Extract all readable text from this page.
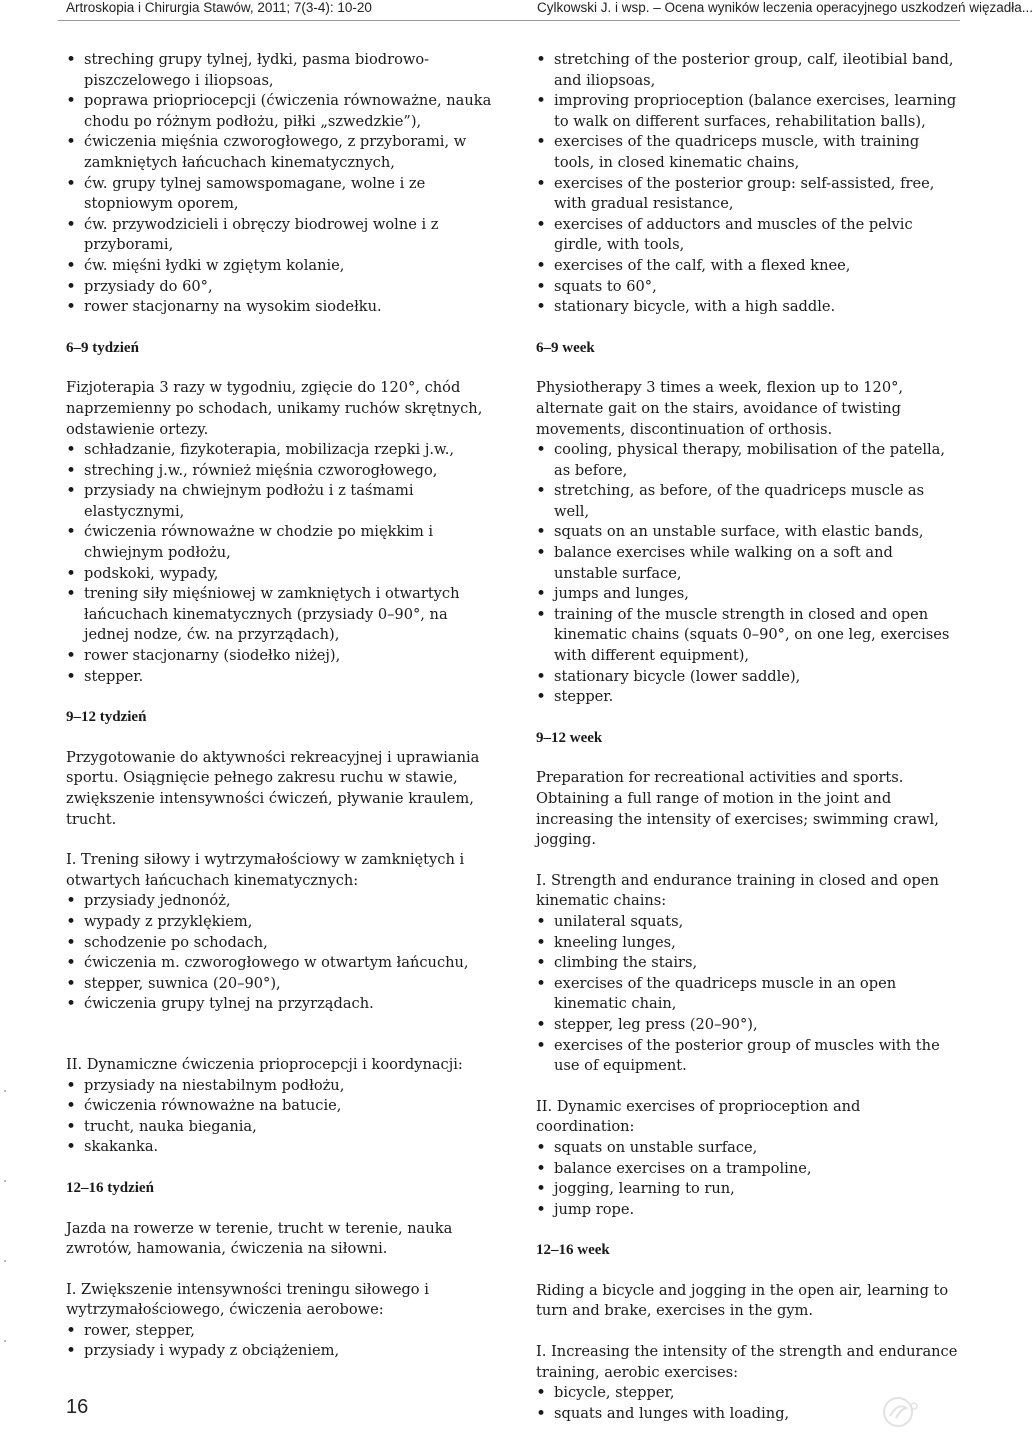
Artroskopia i Chirurgia Stawów, 2011; 7(3-4): 10-20	Cylkowski J. i wsp. – Ocena wyników leczenia operacyjnego uszkodzeń więzadła...
• streching grupy tylnej, łydki, pasma biodrowo-piszczelowego i iliopsoas,
• poprawa priopriocepcji (ćwiczenia równoważne, nauka chodu po różnym podłożu, piłki „szwedzkie”),
• ćwiczenia mięśnia czworogłowego, z przyborami, w zamkniętych łańcuchach kinematycznych,
• ćw. grupy tylnej samowspomagane, wolne i ze stopniowym oporem,
• ćw. przywodzicieli i obręczy biodrowej wolne i z przyborami,
• ćw. mięśni łydki w zgiętym kolanie,
• przysiady do 60°,
• rower stacjonarny na wysokim siodełku.
6–9 tydzień

Fizjoterapia 3 razy w tygodniu, zgięcie do 120°, chód naprzemienny po schodach, unikamy ruchów skrętnych, odstawienie ortezy.

• schładzanie, fizykoterapia, mobilizacja rzepki j.w.,
• streching j.w., również mięśnia czworogłowego,
• przysiady na chwiejnym podłożu i z taśmami elastycznymi,
• ćwiczenia równoważne w chodzie po miękkim i chwiejnym podłożu,
• podskoki, wypady,
• trening siły mięśniowej w zamkniętych i otwartych łańcuchach kinematycznych (przysiady 0–90°, na jednej nodze, ćw. na przyrządach),
• rower stacjonarny (siodełko niżej),
• stepper.
9–12 tydzień

Przygotowanie do aktywności rekreacyjnej i uprawiania sportu. Osiągnięcie pełnego zakresu ruchu w stawie, zwiększenie intensywności ćwiczeń, pływanie kraulem, trucht.

I. Trening siłowy i wytrzymałościowy w zamkniętych i otwartych łańcuchach kinematycznych:

• przysiady jednonóż,
• wypady z przyklękiem,
• schodzenie po schodach,
• ćwiczenia m. czworogłowego w otwartym łańcuchu,
• stepper, suwnica (20–90°),
• ćwiczenia grupy tylnej na przyrządach.

II. Dynamiczne ćwiczenia prioprocepcji i koordynacji:

• przysiady na niestabilnym podłożu,
• ćwiczenia równoważne na batucie,
• trucht, nauka biegania,
• skakanka.
12–16 tydzień

Jazda na rowerze w terenie, trucht w terenie, nauka zwrotów, hamowania, ćwiczenia na siłowni.

I. Zwiększenie intensywności treningu siłowego i wytrzymałościowego, ćwiczenia aerobowe:

• rower, stepper,
• przysiady i wypady z obciążeniem,
• stretching of the posterior group, calf, ileotibial band, and iliopsoas,
• improving proprioception (balance exercises, learning to walk on different surfaces, rehabilitation balls),
• exercises of the quadriceps muscle, with training tools, in closed kinematic chains,
• exercises of the posterior group: self-assisted, free, with gradual resistance,
• exercises of adductors and muscles of the pelvic girdle, with tools,
• exercises of the calf, with a flexed knee,
• squats to 60°,
• stationary bicycle, with a high saddle.
6–9 week

Physiotherapy 3 times a week, flexion up to 120°, alternate gait on the stairs, avoidance of twisting movements, discontinuation of orthosis.

• cooling, physical therapy, mobilisation of the patella, as before,
• stretching, as before, of the quadriceps muscle as well,
• squats on an unstable surface, with elastic bands,
• balance exercises while walking on a soft and unstable surface,
• jumps and lunges,
• training of the muscle strength in closed and open kinematic chains (squats 0–90°, on one leg, exercises with different equipment),
• stationary bicycle (lower saddle),
• stepper.
9–12 week

Preparation for recreational activities and sports. Obtaining a full range of motion in the joint and increasing the intensity of exercises; swimming crawl, jogging.

I. Strength and endurance training in closed and open kinematic chains:

• unilateral squats,
• kneeling lunges,
• climbing the stairs,
• exercises of the quadriceps muscle in an open kinematic chain,
• stepper, leg press (20–90°),
• exercises of the posterior group of muscles with the use of equipment.

II. Dynamic exercises of proprioception and coordination:

• squats on unstable surface,
• balance exercises on a trampoline,
• jogging, learning to run,
• jump rope.
12–16 week

Riding a bicycle and jogging in the open air, learning to turn and brake, exercises in the gym.

I. Increasing the intensity of the strength and endurance training, aerobic exercises:

• bicycle, stepper,
• squats and lunges with loading,
16
